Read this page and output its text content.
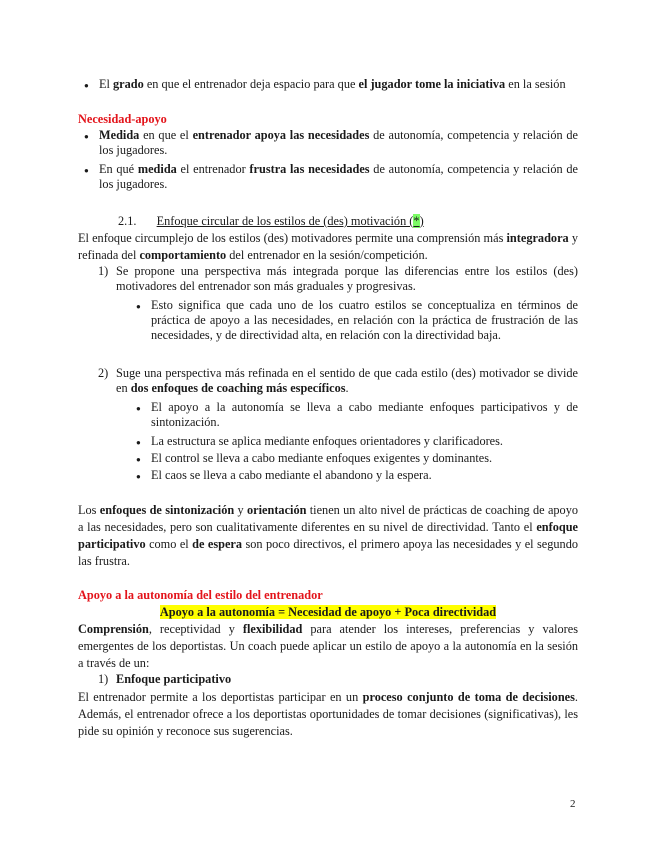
● El grado en que el entrenador deja espacio para que el jugador tome la iniciativa en la sesión
Necesidad-apoyo
● Medida en que el entrenador apoya las necesidades de autonomía, competencia y relación de los jugadores.
● En qué medida el entrenador frustra las necesidades de autonomía, competencia y relación de los jugadores.
2.1. Enfoque circular de los estilos de (des) motivación (*)
El enfoque circumplejo de los estilos (des) motivadores permite una comprensión más integradora y refinada del comportamiento del entrenador en la sesión/competición.
1) Se propone una perspectiva más integrada porque las diferencias entre los estilos (des) motivadores del entrenador son más graduales y progresivas.
● Esto significa que cada uno de los cuatro estilos se conceptualiza en términos de práctica de apoyo a las necesidades, en relación con la práctica de frustración de las necesidades, y de directividad alta, en relación con la directividad baja.
2) Suge una perspectiva más refinada en el sentido de que cada estilo (des) motivador se divide en dos enfoques de coaching más específicos.
● El apoyo a la autonomía se lleva a cabo mediante enfoques participativos y de sintonización.
● La estructura se aplica mediante enfoques orientadores y clarificadores.
● El control se lleva a cabo mediante enfoques exigentes y dominantes.
● El caos se lleva a cabo mediante el abandono y la espera.
Los enfoques de sintonización y orientación tienen un alto nivel de prácticas de coaching de apoyo a las necesidades, pero son cualitativamente diferentes en su nivel de directividad. Tanto el enfoque participativo como el de espera son poco directivos, el primero apoya las necesidades y el segundo las frustra.
Apoyo a la autonomía del estilo del entrenador
Apoyo a la autonomía = Necesidad de apoyo + Poca directividad
Comprensión, receptividad y flexibilidad para atender los intereses, preferencias y valores emergentes de los deportistas. Un coach puede aplicar un estilo de apoyo a la autonomía en la sesión a través de un:
1) Enfoque participativo
El entrenador permite a los deportistas participar en un proceso conjunto de toma de decisiones. Además, el entrenador ofrece a los deportistas oportunidades de tomar decisiones (significativas), les pide su opinión y reconoce sus sugerencias.
2
